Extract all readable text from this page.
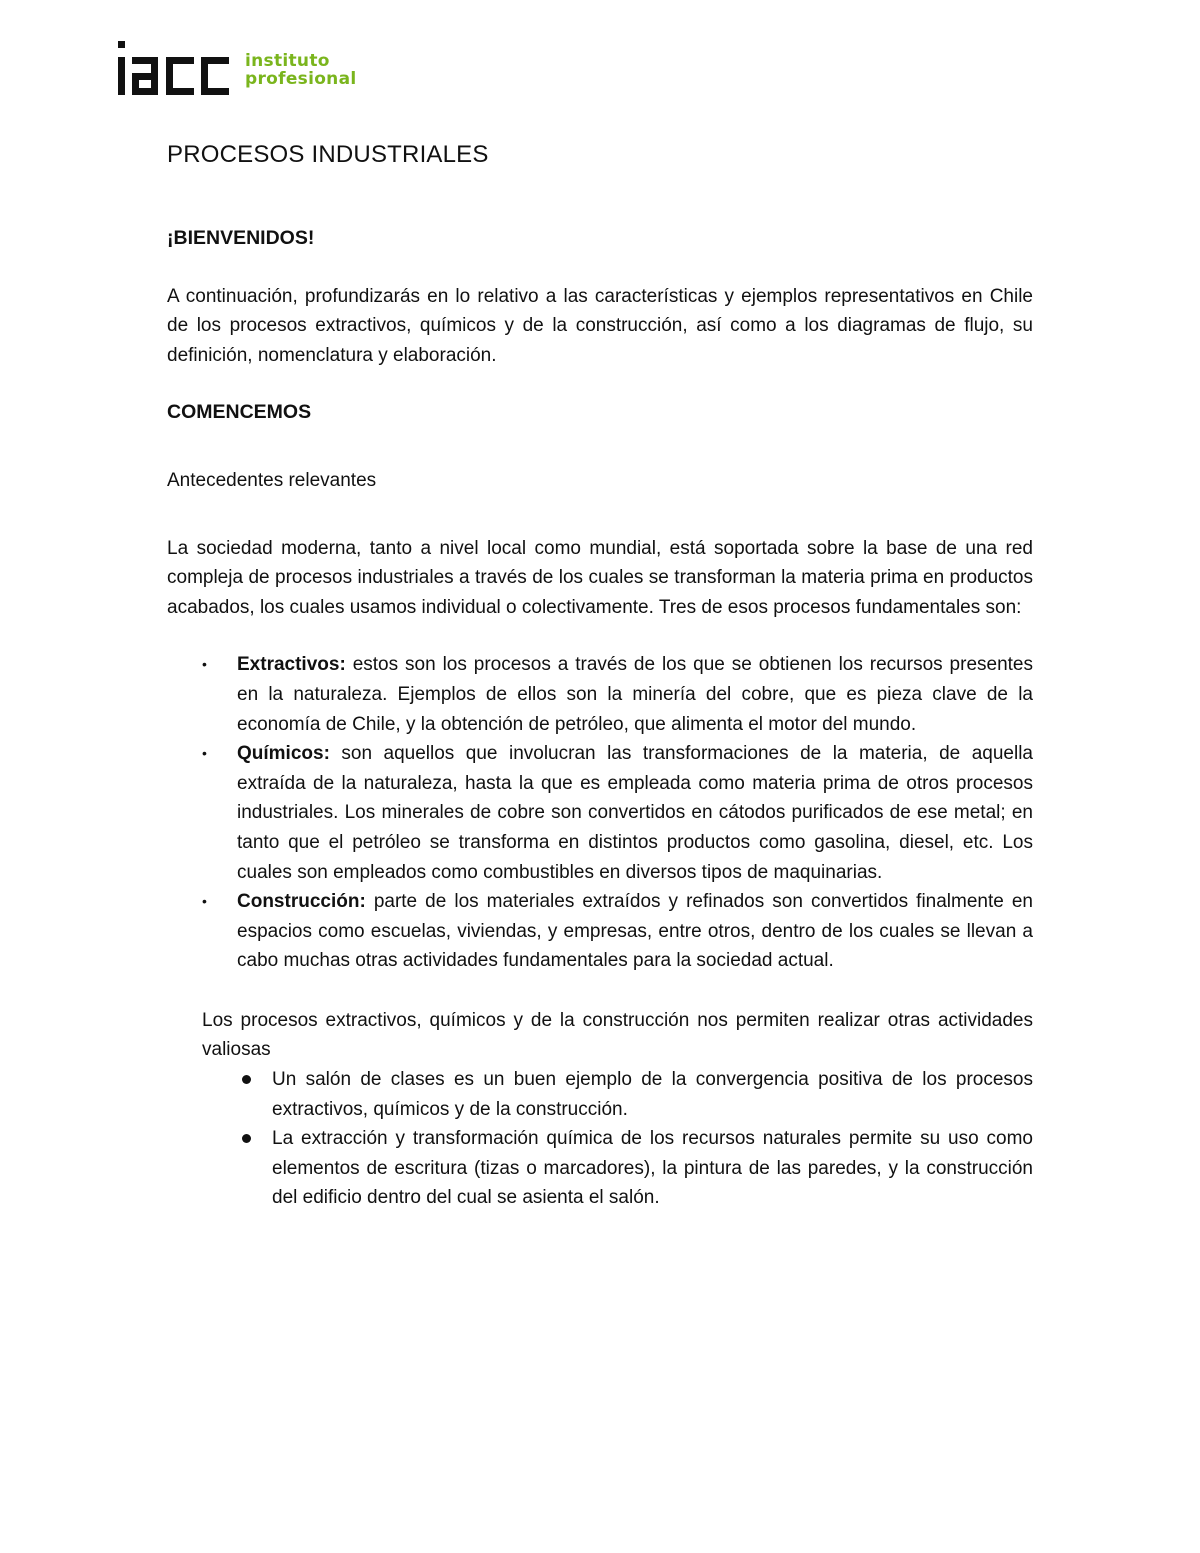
instituto
profesional
PROCESOS INDUSTRIALES

¡BIENVENIDOS!

A continuación, profundizarás en lo relativo a las características y ejemplos representativos en Chile de los procesos extractivos, químicos y de la construcción, así como a los diagramas de flujo, su definición, nomenclatura y elaboración.

COMENCEMOS

Antecedentes relevantes

La sociedad moderna, tanto a nivel local como mundial, está soportada sobre la base de una red compleja de procesos industriales a través de los cuales se transforman la materia prima en productos acabados, los cuales usamos individual o colectivamente. Tres de esos procesos fundamentales son:

• Extractivos: estos son los procesos a través de los que se obtienen los recursos presentes en la naturaleza. Ejemplos de ellos son la minería del cobre, que es pieza clave de la economía de Chile, y la obtención de petróleo, que alimenta el motor del mundo.
• Químicos: son aquellos que involucran las transformaciones de la materia, de aquella extraída de la naturaleza, hasta la que es empleada como materia prima de otros procesos industriales. Los minerales de cobre son convertidos en cátodos purificados de ese metal; en tanto que el petróleo se transforma en distintos productos como gasolina, diesel, etc. Los cuales son empleados como combustibles en diversos tipos de maquinarias.
• Construcción: parte de los materiales extraídos y refinados son convertidos finalmente en espacios como escuelas, viviendas, y empresas, entre otros, dentro de los cuales se llevan a cabo muchas otras actividades fundamentales para la sociedad actual.

Los procesos extractivos, químicos y de la construcción nos permiten realizar otras actividades valiosas

Un salón de clases es un buen ejemplo de la convergencia positiva de los procesos extractivos, químicos y de la construcción.
La extracción y transformación química de los recursos naturales permite su uso como elementos de escritura (tizas o marcadores), la pintura de las paredes, y la construcción del edificio dentro del cual se asienta el salón.
